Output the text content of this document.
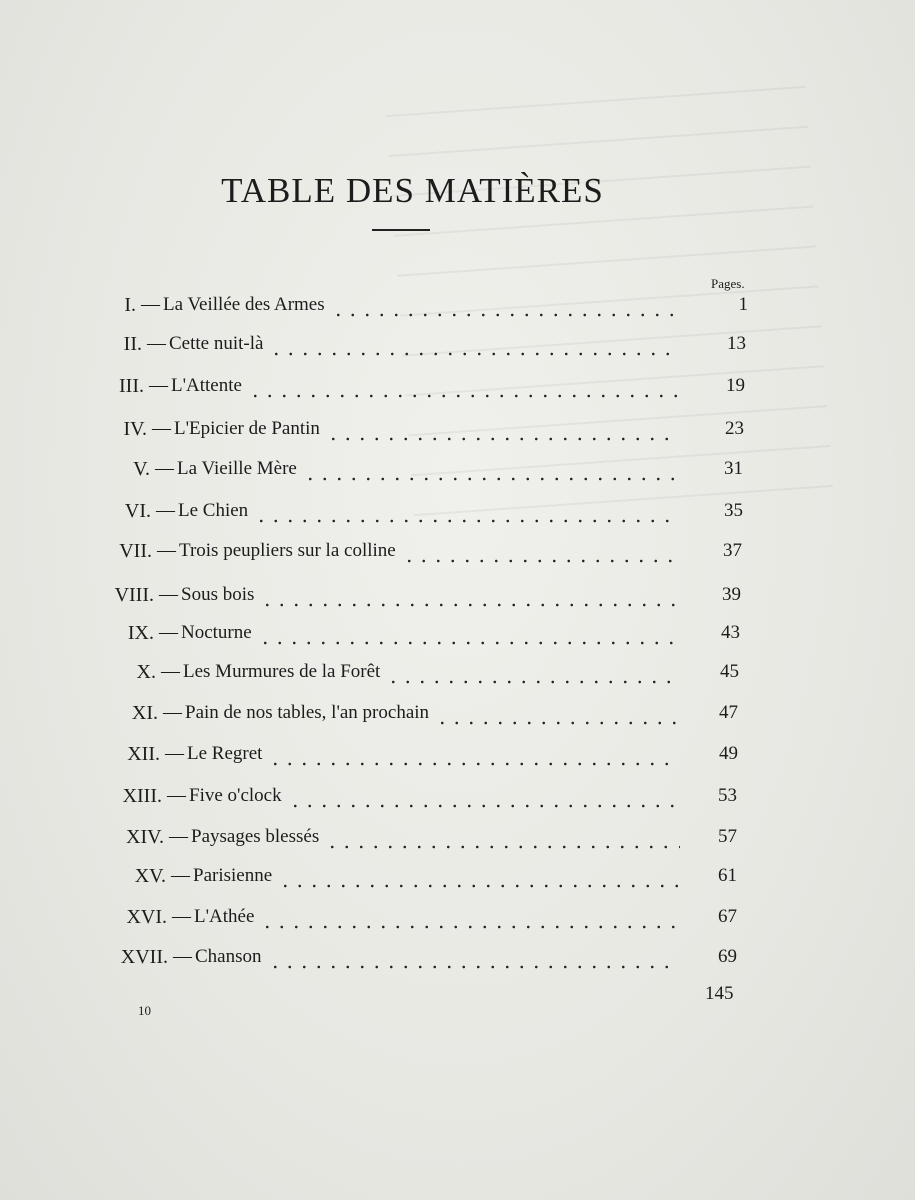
TABLE DES MATIÈRES
Pages.
I. — La Veillée des Armes	1
II. — Cette nuit-là	13
III. — L'Attente	19
IV. — L'Epicier de Pantin	23
V. — La Vieille Mère	31
VI. — Le Chien	35
VII. — Trois peupliers sur la colline	37
VIII. — Sous bois	39
IX. — Nocturne	43
X. — Les Murmures de la Forêt	45
XI. — Pain de nos tables, l'an prochain	47
XII. — Le Regret	49
XIII. — Five o'clock	53
XIV. — Paysages blessés	57
XV. — Parisienne	61
XVI. — L'Athée	67
XVII. — Chanson	69
10
145
